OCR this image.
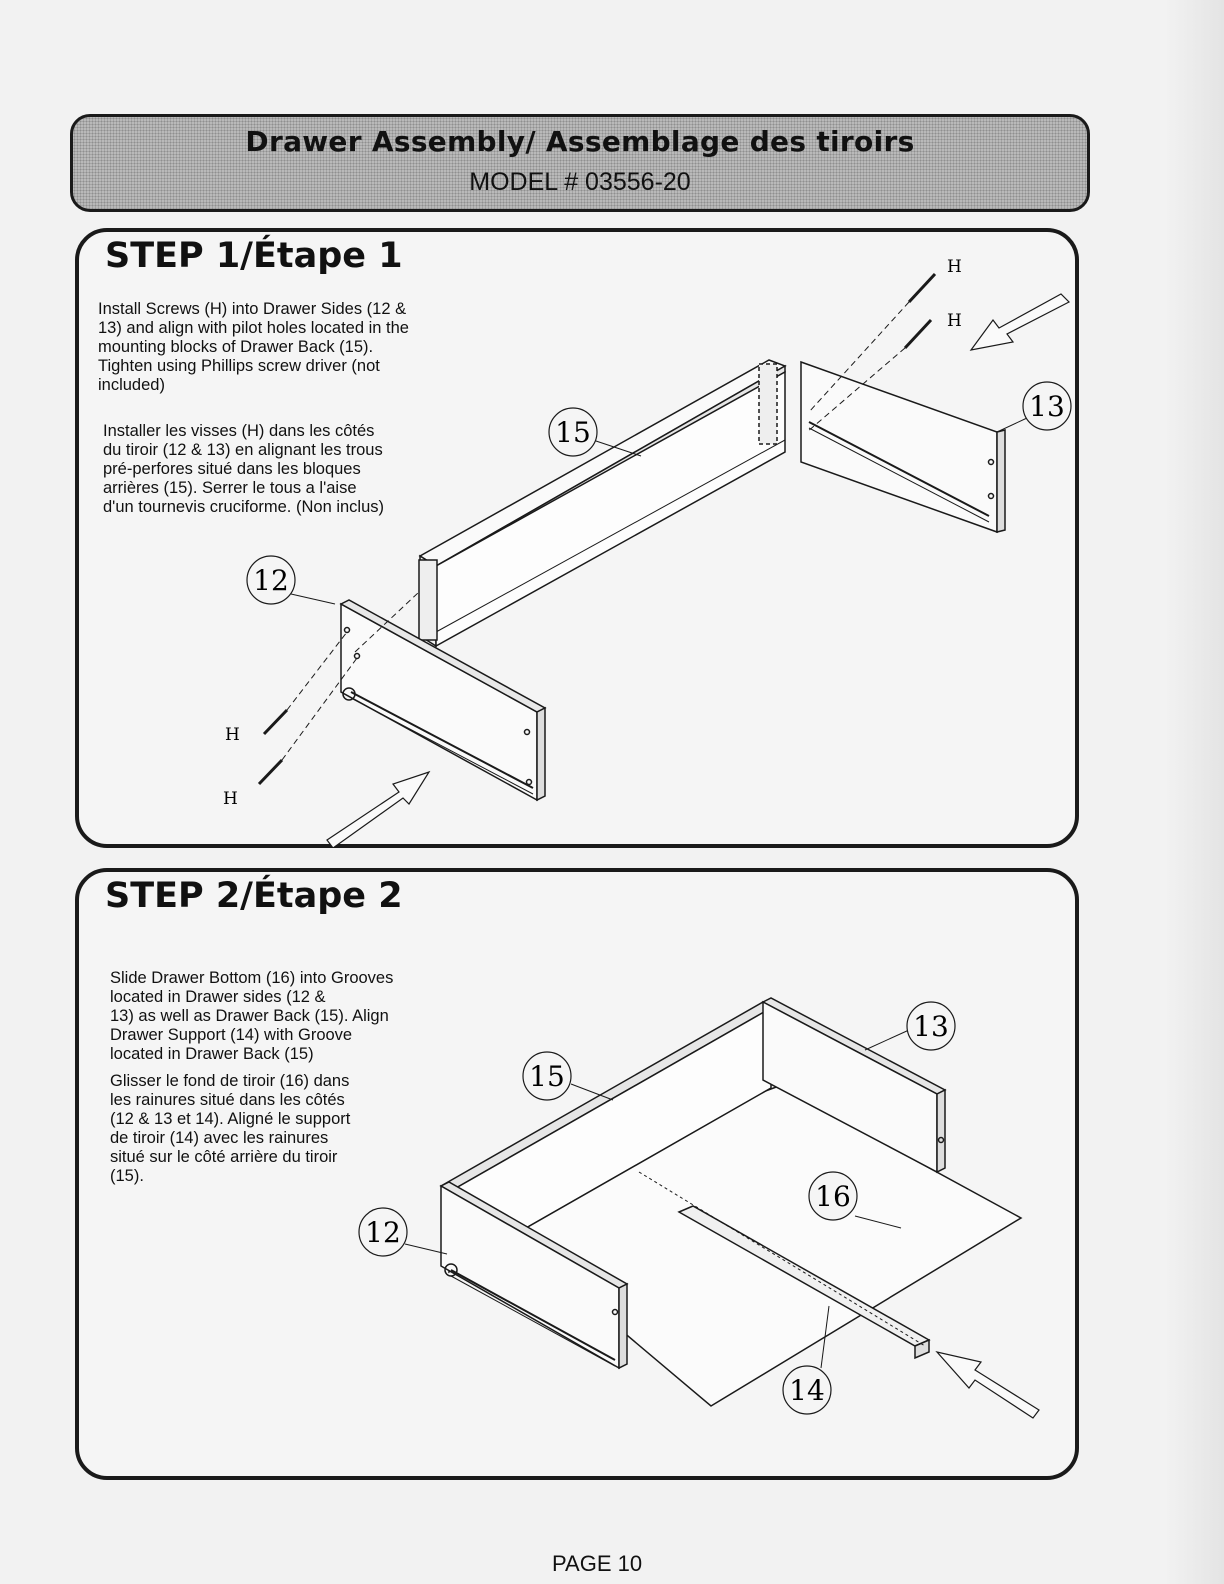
Drawer Assembly/ Assemblage des tiroirs
MODEL # 03556-20
STEP 1/Étape 1

Install Screws (H) into Drawer Sides (12 &
13) and align with pilot holes located in the
mounting blocks of Drawer Back (15).
Tighten using Phillips screw driver (not
included)

Installer les visses (H) dans les côtés
du tiroir (12 & 13) en alignant les trous
pré-perfores situé dans les bloques
arrières (15). Serrer le tous a l'aise
d'un tournevis cruciforme. (Non inclus)

15
13
12
H
H
H
H
STEP 2/Étape 2

Slide Drawer Bottom (16) into Grooves
located in Drawer sides (12 &
13) as well as Drawer Back (15). Align
Drawer Support (14) with Groove
located in Drawer Back (15)

Glisser le fond de tiroir (16) dans
les rainures situé dans les côtés
(12 & 13 et 14). Aligné le support
de tiroir (14) avec les rainures
situé sur le côté arrière du tiroir
(15).

15
13
16
12
14
PAGE 10
